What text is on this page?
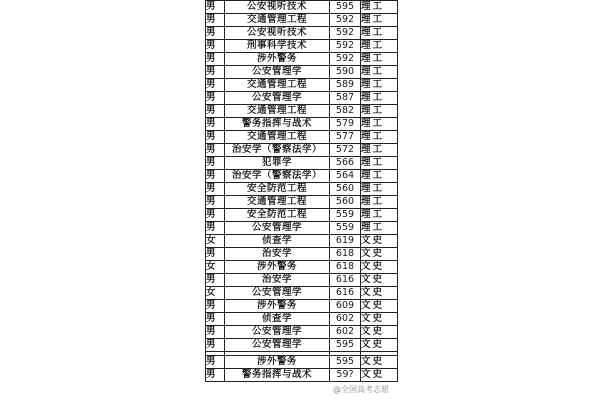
男	公安视听技术	595	理工
男	交通管理工程	592	理工
男	公安视听技术	592	理工
男	刑事科学技术	592	理工
男	涉外警务	592	理工
男	公安管理学	590	理工
男	交通管理工程	589	理工
男	公安管理学	587	理工
男	交通管理工程	582	理工
男	警务指挥与战术	579	理工
男	交通管理工程	577	理工
男	治安学（警察法学）	572	理工
男	犯罪学	566	理工
男	治安学（警察法学）	564	理工
男	安全防范工程	560	理工
男	交通管理工程	560	理工
男	安全防范工程	559	理工
男	公安管理学	559	理工
女	侦查学	619	文史
男	治安学	618	文史
女	涉外警务	618	文史
男	治安学	616	文史
女	公安管理学	616	文史
男	涉外警务	609	文史
男	侦查学	602	文史
男	公安管理学	602	文史
男	公安管理学	595	文史

男	涉外警务	595	文史
男	警务指挥与战术	59?	文史
@全国高考志愿
